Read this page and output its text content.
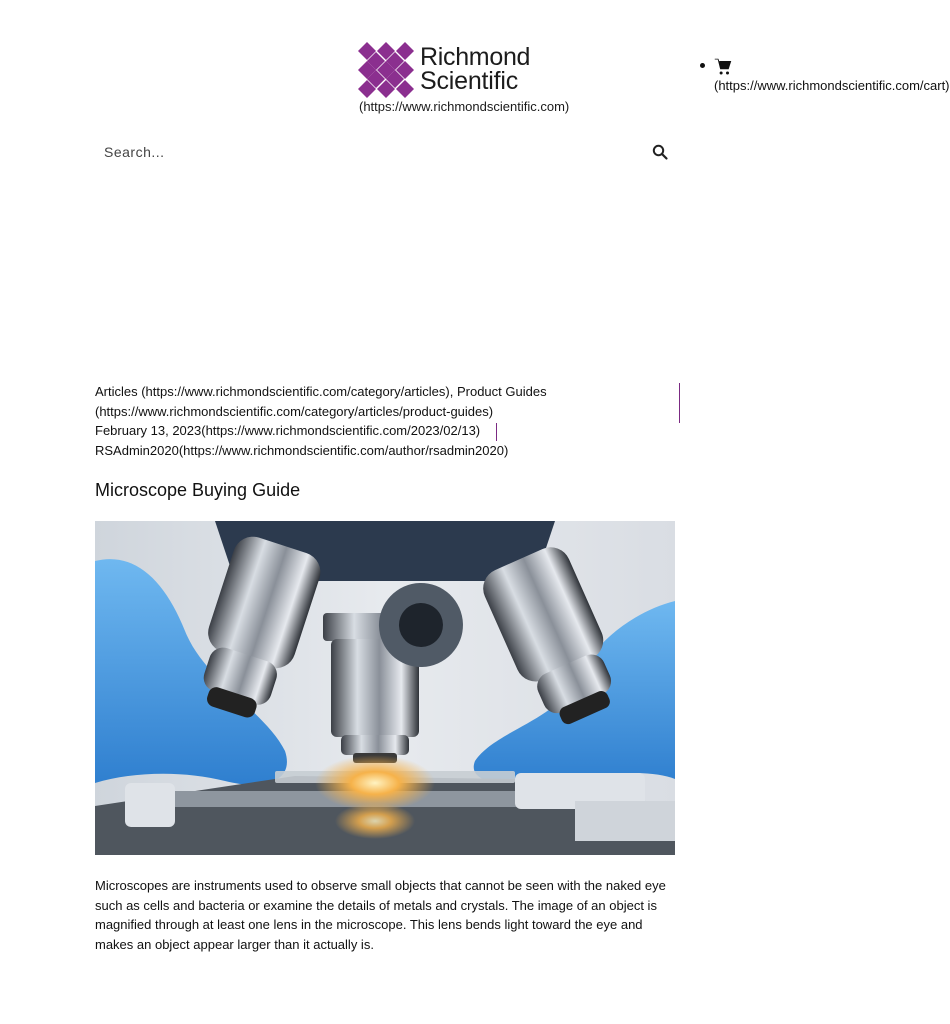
Richmond
Scientific
(https://www.richmondscientific.com)
(https://www.richmondscientific.com/cart)
Search...
Articles (https://www.richmondscientific.com/category/articles), Product Guides
(https://www.richmondscientific.com/category/articles/product-guides)
February 13, 2023(https://www.richmondscientific.com/2023/02/13)
RSAdmin2020(https://www.richmondscientific.com/author/rsadmin2020)
Microscope Buying Guide

Microscopes are instruments used to observe small objects that cannot be seen with the naked eye such as cells and bacteria or examine the details of metals and crystals. The image of an object is magnified through at least one lens in the microscope. This lens bends light toward the eye and makes an object appear larger than it actually is.
